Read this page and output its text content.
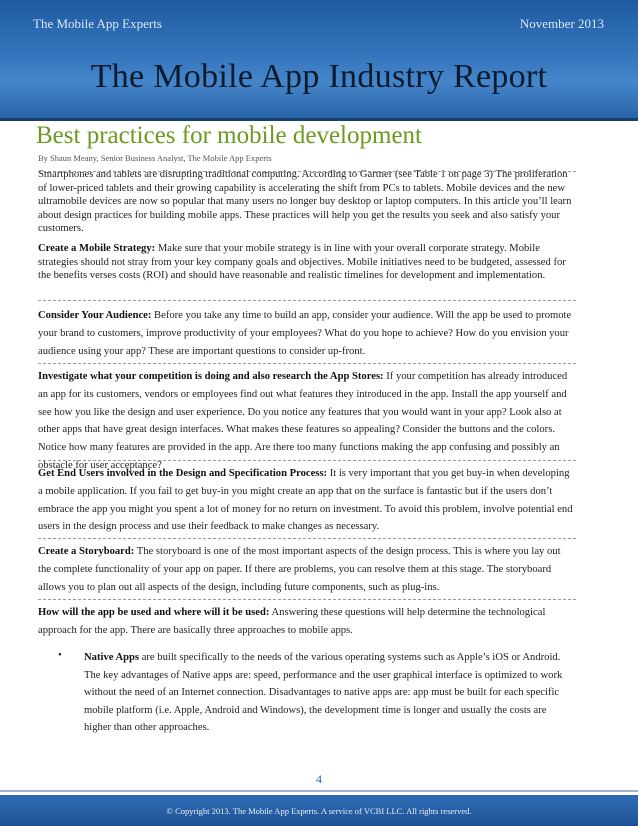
The Mobile App Experts	November 2013
The Mobile App Industry Report
Best practices for mobile development
By Shaun Meany, Senior Business Analyst, The Mobile App Experts

Smartphones and tablets are disrupting traditional computing. According to Gartner (see Table 1 on page 3) The proliferation of lower-priced tablets and their growing capability is accelerating the shift from PCs to tablets. Mobile devices and the new ultramobile devices are now so popular that many users no longer buy desktop or laptop computers. In this article you’ll learn about design practices for building mobile apps. These practices will help you get the results you seek and also satisfy your customers.

Create a Mobile Strategy: Make sure that your mobile strategy is in line with your overall corporate strategy. Mobile strategies should not stray from your key company goals and objectives. Mobile initiatives need to be budgeted, assessed for the benefits verses costs (ROI) and should have reasonable and realistic timelines for development and implementation.

Consider Your Audience: Before you take any time to build an app, consider your audience. Will the app be used to promote your brand to customers, improve productivity of your employees? What do you hope to achieve? How do you envision your audience using your app? These are important questions to consider up-front.

Investigate what your competition is doing and also research the App Stores: If your competition has already introduced an app for its customers, vendors or employees find out what features they introduced in the app. Install the app yourself and see how you like the design and user experience. Do you notice any features that you would want in your app? Look also at other apps that have great design interfaces. What makes these features so appealing? Consider the buttons and the colors. Notice how many features are provided in the app. Are there too many functions making the app confusing and possibly an obstacle for user acceptance?

Get End Users involved in the Design and Specification Process: It is very important that you get buy-in when developing a mobile application. If you fail to get buy-in you might create an app that on the surface is fantastic but if the users don’t embrace the app you might you spent a lot of money for no return on investment. To avoid this problem, involve potential end users in the design process and use their feedback to make changes as necessary.

Create a Storyboard: The storyboard is one of the most important aspects of the design process. This is where you lay out the complete functionality of your app on paper. If there are problems, you can resolve them at this stage. The storyboard allows you to plan out all aspects of the design, including future components, such as plug-ins.

How will the app be used and where will it be used: Answering these questions will help determine the technological approach for the app. There are basically three approaches to mobile apps.

• Native Apps are built specifically to the needs of the various operating systems such as Apple’s iOS or Android. The key advantages of Native apps are: speed, performance and the user graphical interface is optimized to work without the need of an Internet connection. Disadvantages to native apps are: app must be built for each specific mobile platform (i.e. Apple, Android and Windows), the development time is longer and usually the costs are higher than other approaches.
4
© Copyright 2013. The Mobile App Experts. A service of VCBI LLC. All rights reserved.
